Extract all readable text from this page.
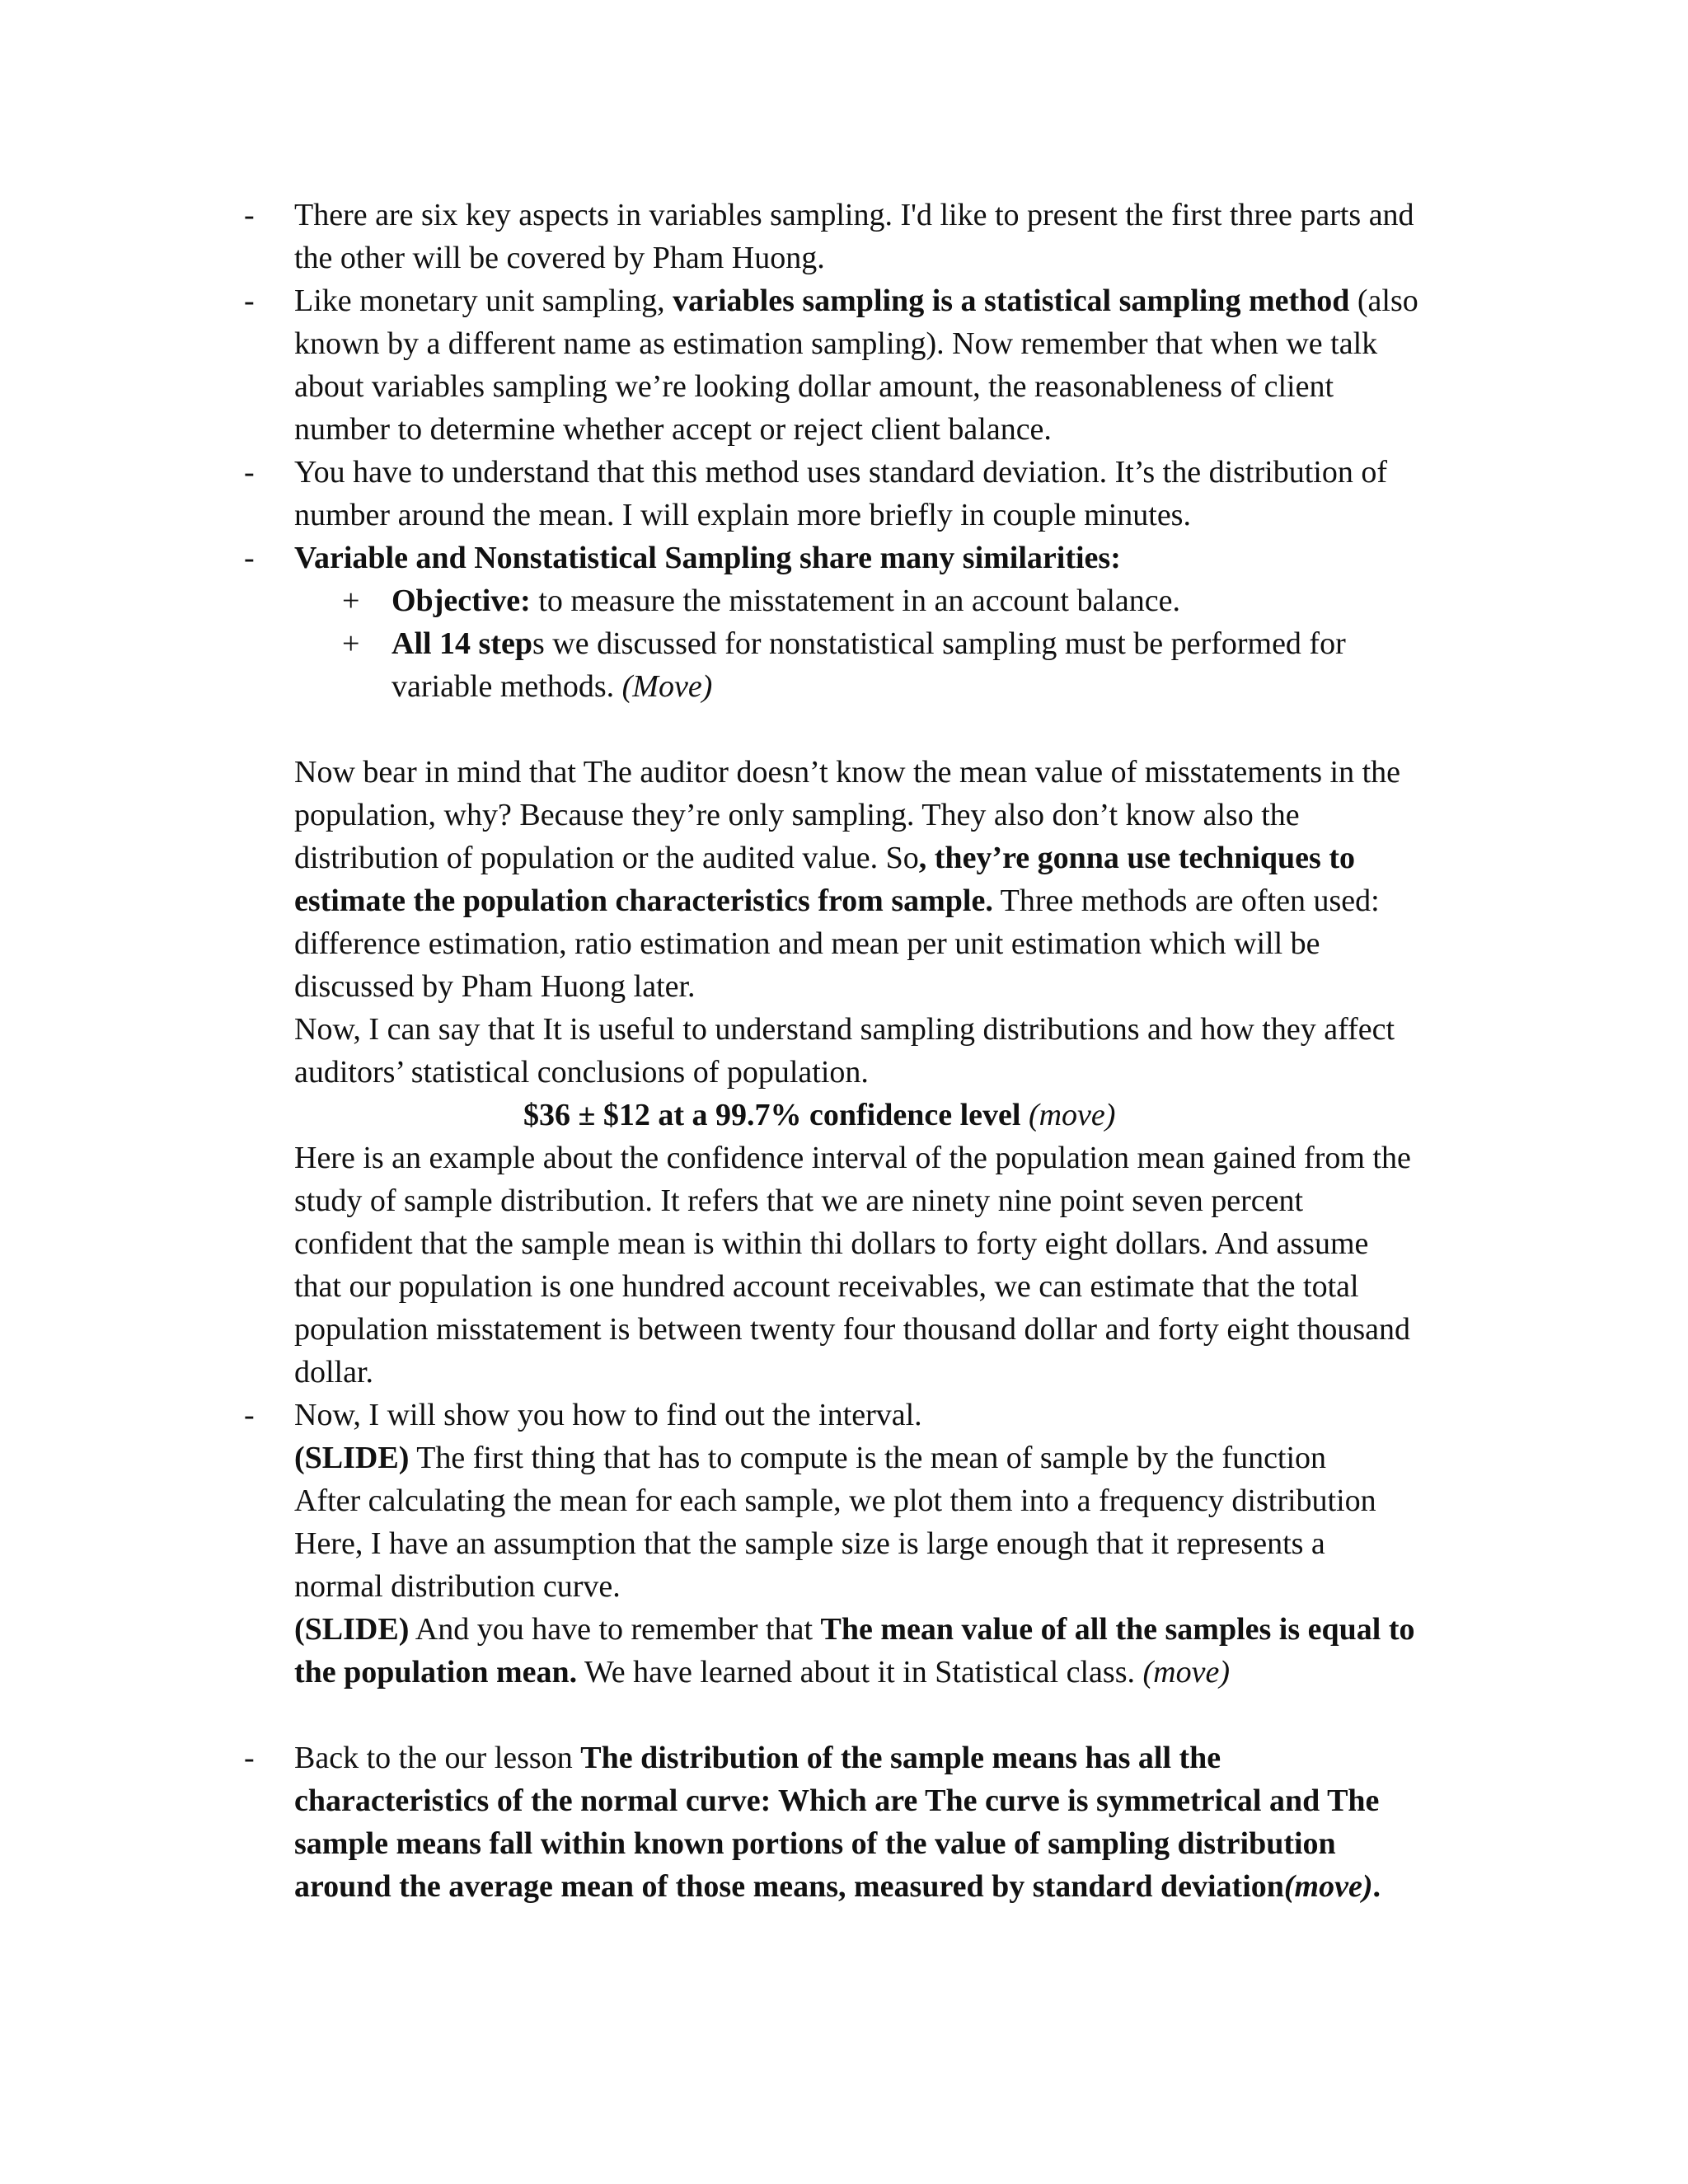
- There are six key aspects in variables sampling. I'd like to present the first three parts and
the other will be covered by Pham Huong.
- Like monetary unit sampling, variables sampling is a statistical sampling method (also
known by a different name as estimation sampling). Now remember that when we talk
about variables sampling we’re looking dollar amount, the reasonableness of client
number to determine whether accept or reject client balance.
- You have to understand that this method uses standard deviation. It’s the distribution of
number around the mean. I will explain more briefly in couple minutes.
- Variable and Nonstatistical Sampling share many similarities:
+ Objective: to measure the misstatement in an account balance.
+ All 14 steps we discussed for nonstatistical sampling must be performed for
variable methods. (Move)
Now bear in mind that The auditor doesn’t know the mean value of misstatements in the
population, why? Because they’re only sampling. They also don’t know also the
distribution of population or the audited value. So, they’re gonna use techniques to
estimate the population characteristics from sample. Three methods are often used:
difference estimation, ratio estimation and mean per unit estimation which will be
discussed by Pham Huong later.
Now, I can say that It is useful to understand sampling distributions and how they affect
auditors’ statistical conclusions of population.
$36 ± $12 at a 99.7% confidence level (move)
Here is an example about the confidence interval of the population mean gained from the
study of sample distribution. It refers that we are ninety nine point seven percent
confident that the sample mean is within thi dollars to forty eight dollars. And assume
that our population is one hundred account receivables, we can estimate that the total
population misstatement is between twenty four thousand dollar and forty eight thousand
dollar.
- Now, I will show you how to find out the interval.
(SLIDE) The first thing that has to compute is the mean of sample by the function
After calculating the mean for each sample, we plot them into a frequency distribution
Here, I have an assumption that the sample size is large enough that it represents a
normal distribution curve.
(SLIDE) And you have to remember that The mean value of all the samples is equal to
the population mean. We have learned about it in Statistical class. (move)
- Back to the our lesson The distribution of the sample means has all the
characteristics of the normal curve: Which are The curve is symmetrical and The
sample means fall within known portions of the value of sampling distribution
around the average mean of those means, measured by standard deviation(move).
